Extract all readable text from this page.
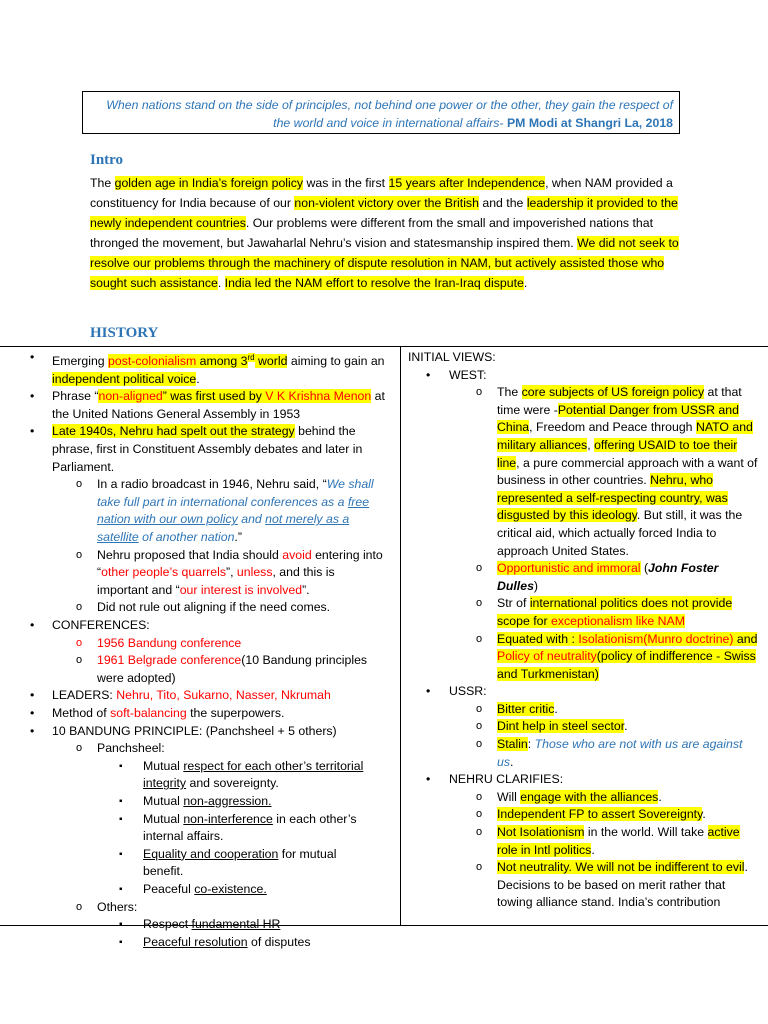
When nations stand on the side of principles, not behind one power or the other, they gain the respect of the world and voice in international affairs- PM Modi at Shangri La, 2018
Intro
The golden age in India’s foreign policy was in the first 15 years after Independence, when NAM provided a constituency for India because of our non-violent victory over the British and the leadership it provided to the newly independent countries. Our problems were different from the small and impoverished nations that thronged the movement, but Jawaharlal Nehru’s vision and statesmanship inspired them. We did not seek to resolve our problems through the machinery of dispute resolution in NAM, but actively assisted those who sought such assistance. India led the NAM effort to resolve the Iran-Iraq dispute.
HISTORY
• Emerging post-colonialism among 3rd world aiming to gain an independent political voice.
• Phrase “non-aligned” was first used by V K Krishna Menon at the United Nations General Assembly in 1953
• Late 1940s, Nehru had spelt out the strategy behind the phrase, first in Constituent Assembly debates and later in Parliament.
o In a radio broadcast in 1946, Nehru said, “We shall take full part in international conferences as a free nation with our own policy and not merely as a satellite of another nation.”
o Nehru proposed that India should avoid entering into “other people’s quarrels”, unless, and this is important and “our interest is involved”.
o Did not rule out aligning if the need comes.
• CONFERENCES:
o 1956 Bandung conference
o 1961 Belgrade conference(10 Bandung principles were adopted)
• LEADERS: Nehru, Tito, Sukarno, Nasser, Nkrumah
• Method of soft-balancing the superpowers.
• 10 BANDUNG PRINCIPLE: (Panchsheel + 5 others)
o Panchsheel:
▪ Mutual respect for each other’s territorial integrity and sovereignty.
▪ Mutual non-aggression.
▪ Mutual non-interference in each other’s internal affairs.
▪ Equality and cooperation for mutual benefit.
▪ Peaceful co-existence.
o Others:
▪ Respect fundamental HR
▪ Peaceful resolution of disputes
INITIAL VIEWS:
• WEST:
o The core subjects of US foreign policy at that time were -Potential Danger from USSR and China, Freedom and Peace through NATO and military alliances, offering USAID to toe their line, a pure commercial approach with a want of business in other countries. Nehru, who represented a self-respecting country, was disgusted by this ideology. But still, it was the critical aid, which actually forced India to approach United States.
o Opportunistic and immoral (John Foster Dulles)
o Str of international politics does not provide scope for exceptionalism like NAM
o Equated with : Isolationism(Munro doctrine) and Policy of neutrality(policy of indifference - Swiss and Turkmenistan)
• USSR:
o Bitter critic.
o Dint help in steel sector.
o Stalin: Those who are not with us are against us.
• NEHRU CLARIFIES:
o Will engage with the alliances.
o Independent FP to assert Sovereignty.
o Not Isolationism in the world. Will take active role in Intl politics.
o Not neutrality. We will not be indifferent to evil. Decisions to be based on merit rather that towing alliance stand. India’s contribution
